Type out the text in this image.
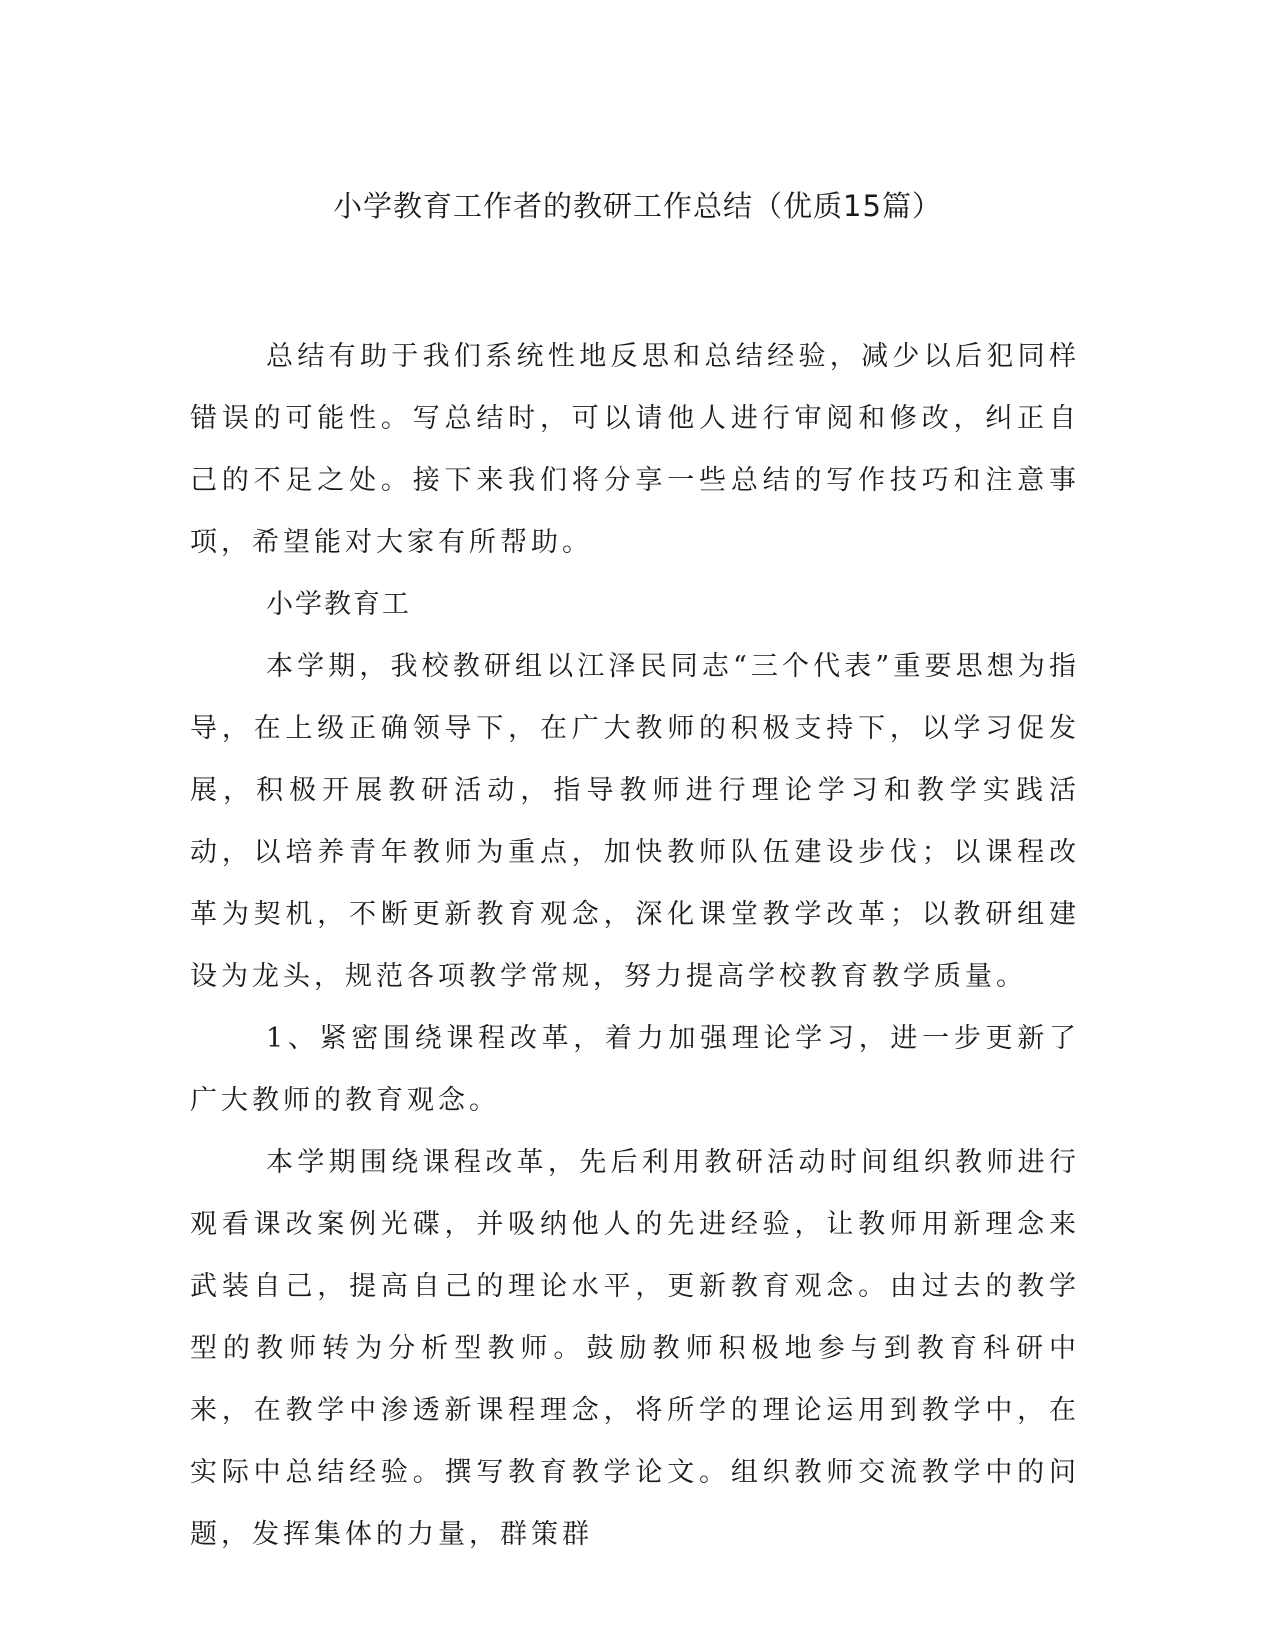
小学教育工作者的教研工作总结（优质15篇）

总结有助于我们系统性地反思和总结经验，减少以后犯同样错误的可能性。写总结时，可以请他人进行审阅和修改，纠正自己的不足之处。接下来我们将分享一些总结的写作技巧和注意事项，希望能对大家有所帮助。

小学教育工

本学期，我校教研组以江泽民同志“三个代表”重要思想为指导，在上级正确领导下，在广大教师的积极支持下，以学习促发展，积极开展教研活动，指导教师进行理论学习和教学实践活动，以培养青年教师为重点，加快教师队伍建设步伐；以课程改革为契机，不断更新教育观念，深化课堂教学改革；以教研组建设为龙头，规范各项教学常规，努力提高学校教育教学质量。

1、紧密围绕课程改革，着力加强理论学习，进一步更新了广大教师的教育观念。

本学期围绕课程改革，先后利用教研活动时间组织教师进行观看课改案例光碟，并吸纳他人的先进经验，让教师用新理念来武装自己，提高自己的理论水平，更新教育观念。由过去的教学型的教师转为分析型教师。鼓励教师积极地参与到教育科研中来，在教学中渗透新课程理念，将所学的理论运用到教学中，在实际中总结经验。撰写教育教学论文。组织教师交流教学中的问题，发挥集体的力量，群策群
